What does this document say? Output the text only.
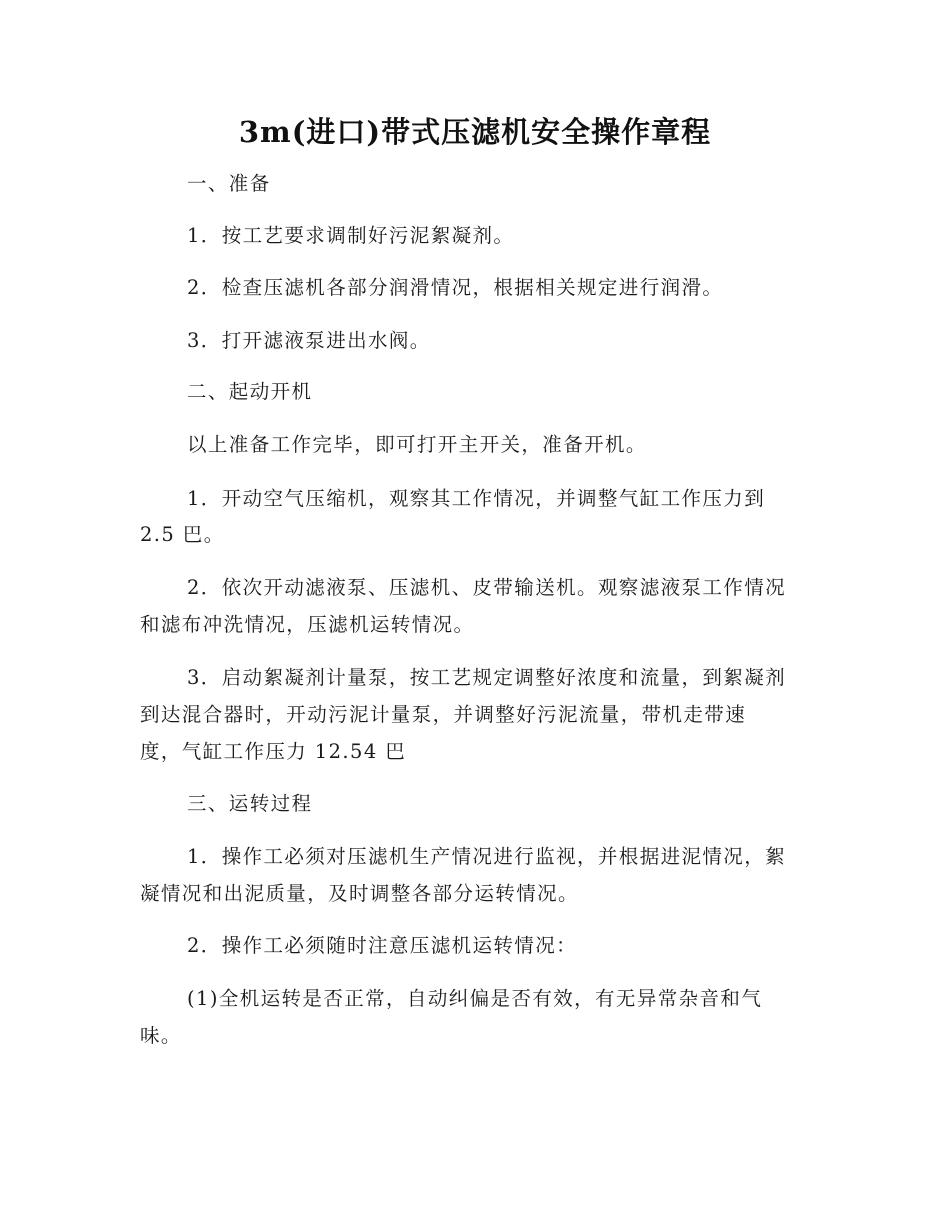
3m(进口)带式压滤机安全操作章程
一、准备
1．按工艺要求调制好污泥絮凝剂。
2．检查压滤机各部分润滑情况，根据相关规定进行润滑。
3．打开滤液泵进出水阀。
二、起动开机
以上准备工作完毕，即可打开主开关，准备开机。
1．开动空气压缩机，观察其工作情况，并调整气缸工作压力到
2.5 巴。
2．依次开动滤液泵、压滤机、皮带输送机。观察滤液泵工作情况
和滤布冲洗情况，压滤机运转情况。
3．启动絮凝剂计量泵，按工艺规定调整好浓度和流量，到絮凝剂
到达混合器时，开动污泥计量泵，并调整好污泥流量，带机走带速
度，气缸工作压力 12.54 巴
三、运转过程
1．操作工必须对压滤机生产情况进行监视，并根据进泥情况，絮
凝情况和出泥质量，及时调整各部分运转情况。
2．操作工必须随时注意压滤机运转情况：
(1)全机运转是否正常，自动纠偏是否有效，有无异常杂音和气
味。
